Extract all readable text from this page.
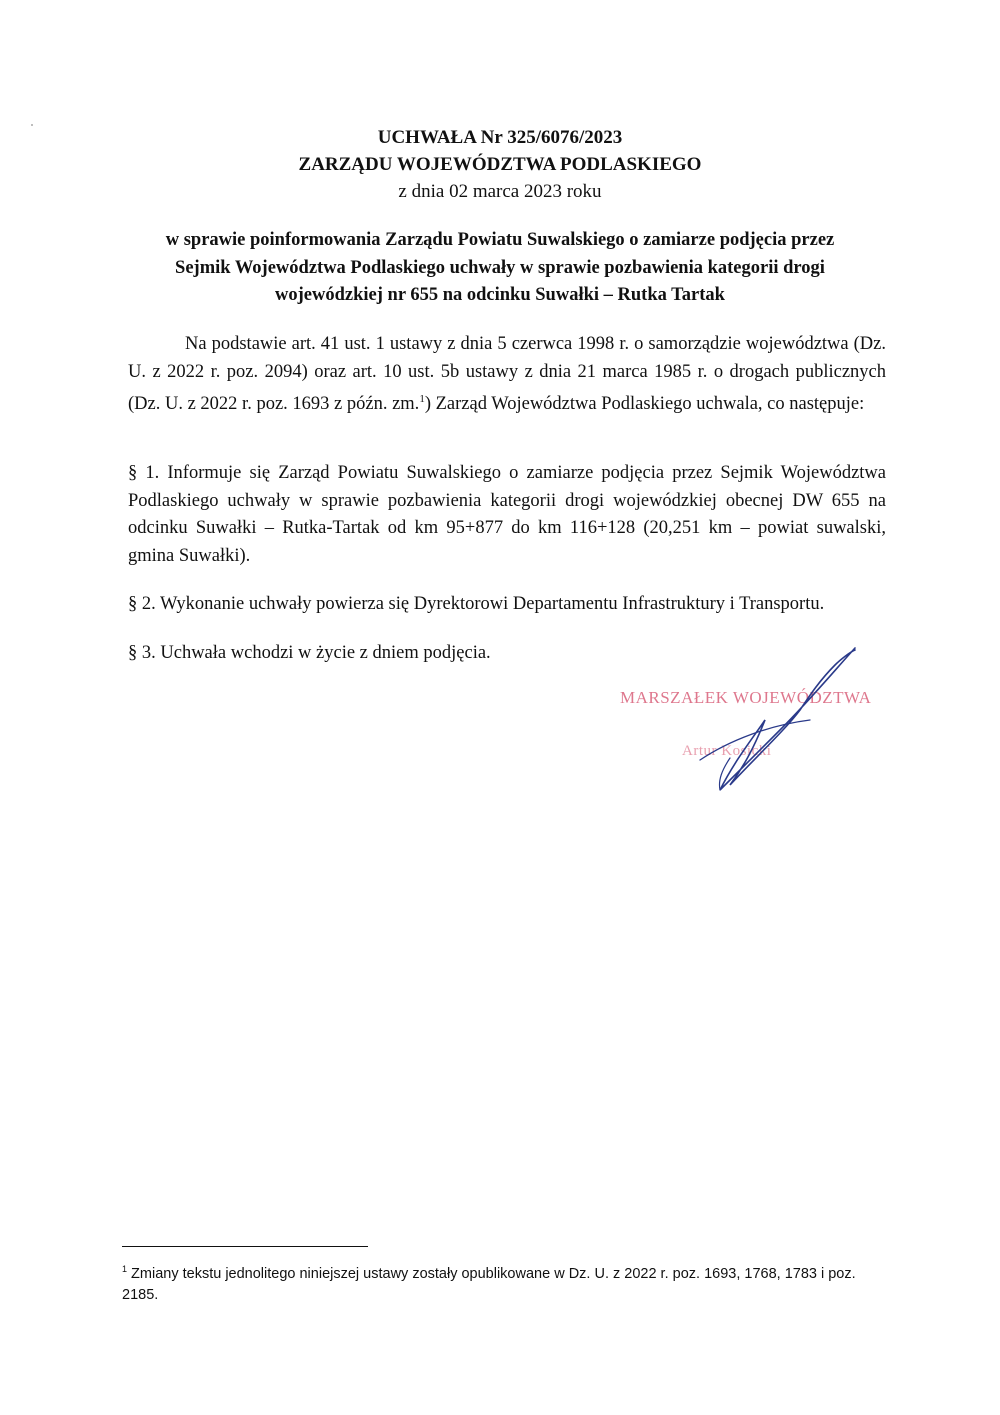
UCHWAŁA Nr 325/6076/2023
ZARZĄDU WOJEWÓDZTWA PODLASKIEGO
z dnia 02 marca 2023 roku
w sprawie poinformowania Zarządu Powiatu Suwalskiego o zamiarze podjęcia przez
Sejmik Województwa Podlaskiego uchwały w sprawie pozbawienia kategorii drogi
wojewódzkiej nr 655 na odcinku Suwałki – Rutka Tartak
Na podstawie art. 41 ust. 1 ustawy z dnia 5 czerwca 1998 r. o samorządzie województwa (Dz. U. z 2022 r. poz. 2094) oraz art. 10 ust. 5b ustawy z dnia 21 marca 1985 r. o drogach publicznych (Dz. U. z 2022 r. poz. 1693 z późn. zm.$^1$) Zarząd Województwa Podlaskiego uchwala, co następuje:
§ 1. Informuje się Zarząd Powiatu Suwalskiego o zamiarze podjęcia przez Sejmik Województwa Podlaskiego uchwały w sprawie pozbawienia kategorii drogi wojewódzkiej obecnej DW 655 na odcinku Suwałki – Rutka-Tartak od km 95+877 do km 116+128 (20,251 km – powiat suwalski, gmina Suwałki).
§ 2. Wykonanie uchwały powierza się Dyrektorowi Departamentu Infrastruktury i Transportu.
§ 3. Uchwała wchodzi w życie z dniem podjęcia.
MARSZAŁEK WOJEWÓDZTWA
Artur Kosicki
$^1$ Zmiany tekstu jednolitego niniejszej ustawy zostały opublikowane w Dz. U. z 2022 r. poz. 1693, 1768, 1783 i poz. 2185.
